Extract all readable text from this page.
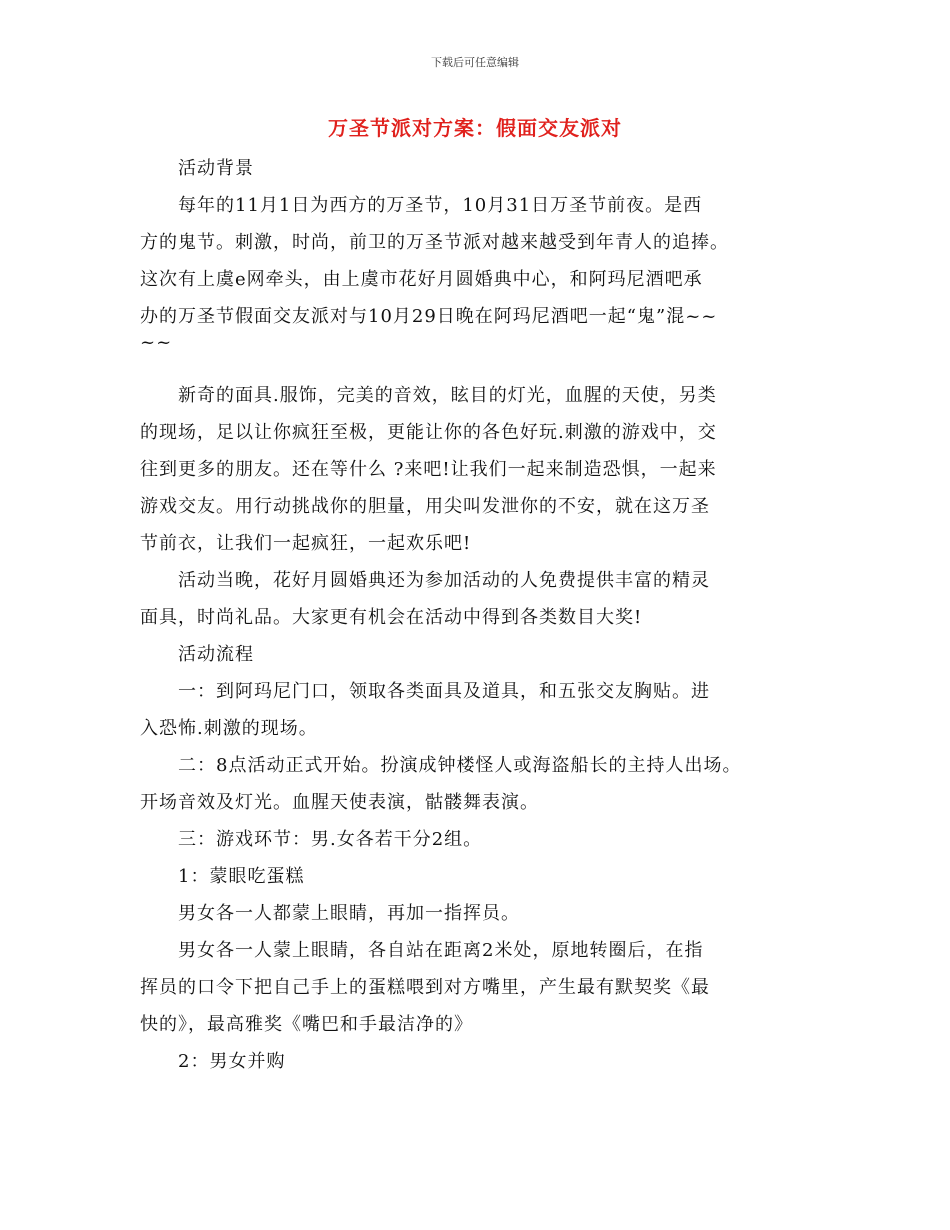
下载后可任意编辑
万圣节派对方案：假面交友派对
　　活动背景
　　每年的11月1日为西方的万圣节，10月31日万圣节前夜。是西
方的鬼节。刺激，时尚，前卫的万圣节派对越来越受到年青人的追捧。
这次有上虞e网牵头，由上虞市花好月圆婚典中心，和阿玛尼酒吧承
办的万圣节假面交友派对与10月29日晚在阿玛尼酒吧一起“鬼”混~~
~~
　　新奇的面具.服饰，完美的音效，眩目的灯光，血腥的天使，另类
的现场，足以让你疯狂至极，更能让你的各色好玩.刺激的游戏中，交
往到更多的朋友。还在等什么 ?来吧!让我们一起来制造恐惧，一起来
游戏交友。用行动挑战你的胆量，用尖叫发泄你的不安，就在这万圣
节前衣，让我们一起疯狂，一起欢乐吧!
　　活动当晚，花好月圆婚典还为参加活动的人免费提供丰富的精灵
面具，时尚礼品。大家更有机会在活动中得到各类数目大奖!
　　活动流程
　　一：到阿玛尼门口，领取各类面具及道具，和五张交友胸贴。进
入恐怖.刺激的现场。
　　二：8点活动正式开始。扮演成钟楼怪人或海盗船长的主持人出场。
开场音效及灯光。血腥天使表演，骷髅舞表演。
　　三：游戏环节：男.女各若干分2组。
　　1：蒙眼吃蛋糕
　　男女各一人都蒙上眼睛，再加一指挥员。
　　男女各一人蒙上眼睛，各自站在距离2米处，原地转圈后，在指
挥员的口令下把自己手上的蛋糕喂到对方嘴里，产生最有默契奖《最
快的》，最高雅奖《嘴巴和手最洁净的》
　　2：男女并购
